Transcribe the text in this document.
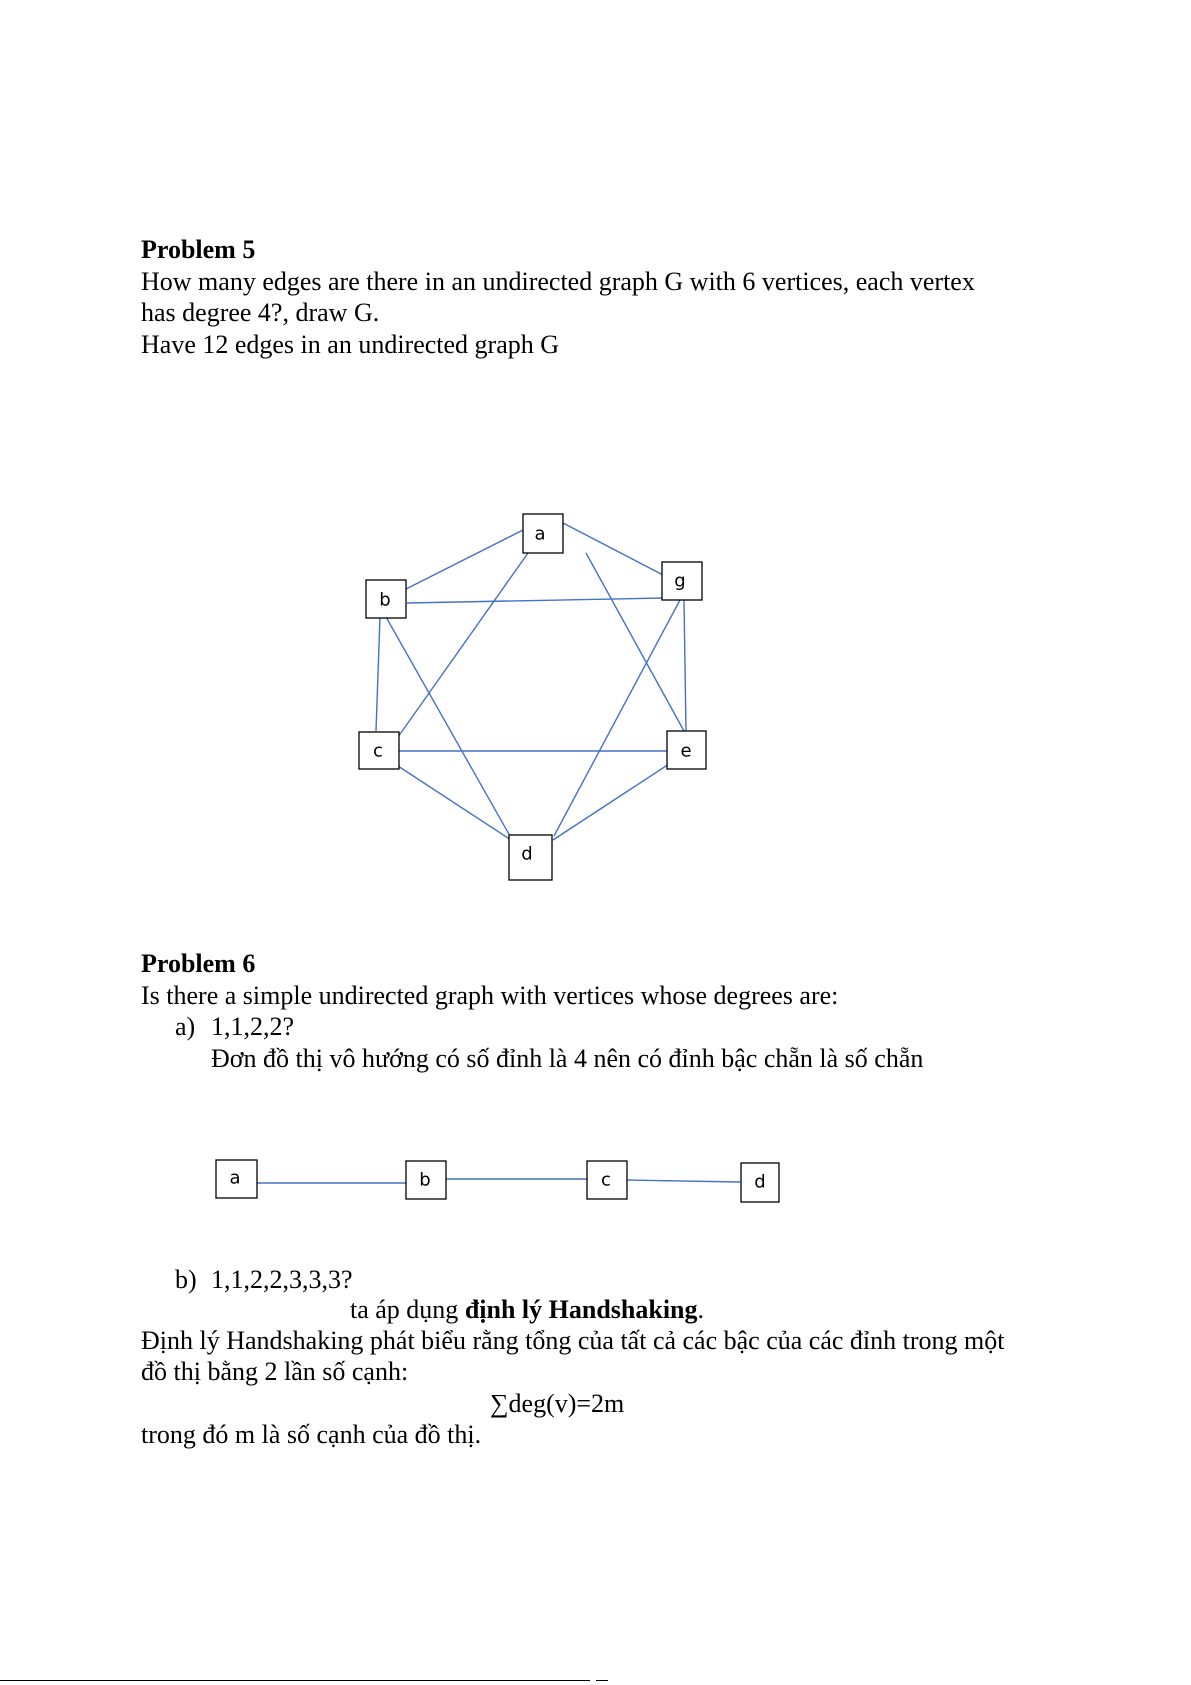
Problem 5

How many edges are there in an undirected graph G with 6 vertices, each vertex

has degree 4?, draw G.

Have 12 edges in an undirected graph G

a
b
g
c	e
d

Problem 6

Is there a simple undirected graph with vertices whose degrees are:

a) 1,1,2,2?

Đơn đồ thị vô hướng có số đỉnh là 4 nên có đỉnh bậc chẵn là số chẵn

a	b	c	d

b) 1,1,2,2,3,3,3?

ta áp dụng định lý Handshaking.

Định lý Handshaking phát biểu rằng tổng của tất cả các bậc của các đỉnh trong một

đồ thị bằng 2 lần số cạnh:

∑deg(v)=2m

trong đó m là số cạnh của đồ thị.
